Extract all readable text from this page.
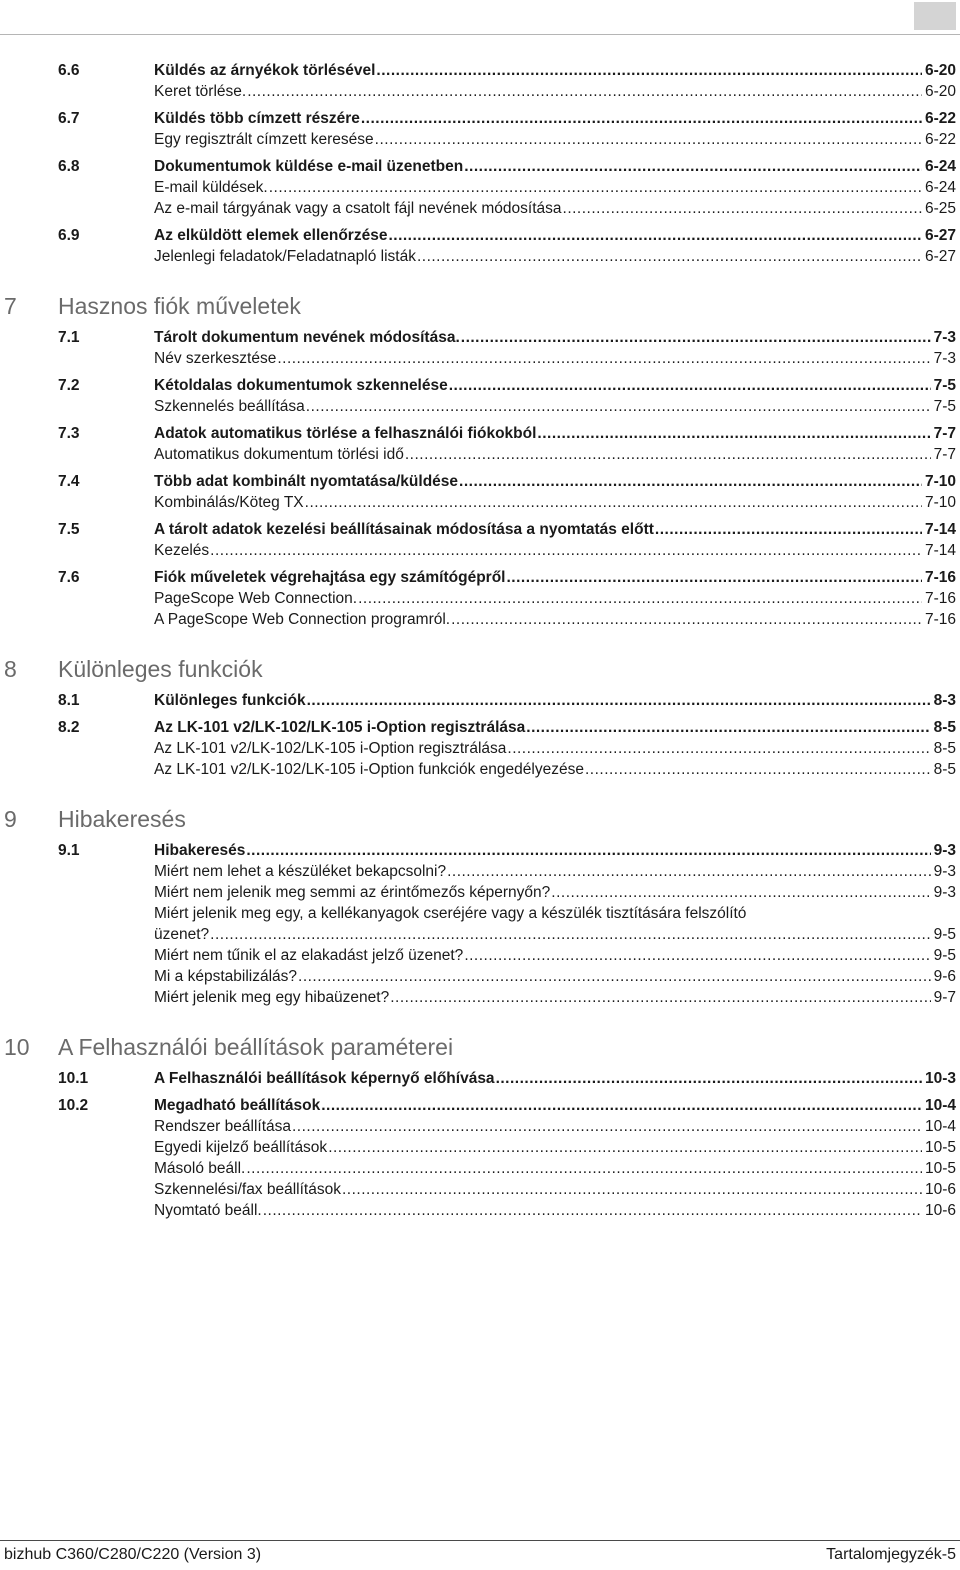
6.6	Küldés az árnyékok törlésével .....	6-20
Keret törlése. .....	6-20
6.7	Küldés több címzett részére .....	6-22
Egy regisztrált címzett keresése .....	6-22
6.8	Dokumentumok küldése e-mail üzenetben .....	6-24
E-mail küldések. .....	6-24
Az e-mail tárgyának vagy a csatolt fájl nevének módosítása .....	6-25
6.9	Az elküldött elemek ellenőrzése .....	6-27
Jelenlegi feladatok/Feladatnapló listák .....	6-27
7 Hasznos fiók műveletek
7.1	Tárolt dokumentum nevének módosítása. .....	7-3
Név szerkesztése .....	7-3
7.2	Kétoldalas dokumentumok szkennelése .....	7-5
Szkennelés beállítása .....	7-5
7.3	Adatok automatikus törlése a felhasználói fiókokból .....	7-7
Automatikus dokumentum törlési idő .....	7-7
7.4	Több adat kombinált nyomtatása/küldése .....	7-10
Kombinálás/Köteg TX .....	7-10
7.5	A tárolt adatok kezelési beállításainak módosítása a nyomtatás előtt .....	7-14
Kezelés .....	7-14
7.6	Fiók műveletek végrehajtása egy számítógépről .....	7-16
PageScope Web Connection. .....	7-16
A PageScope Web Connection programról. .....	7-16
8 Különleges funkciók
8.1	Különleges funkciók .....	8-3
8.2	Az LK-101 v2/LK-102/LK-105 i-Option regisztrálása .....	8-5
Az LK-101 v2/LK-102/LK-105 i-Option regisztrálása .....	8-5
Az LK-101 v2/LK-102/LK-105 i-Option funkciók engedélyezése .....	8-5
9 Hibakeresés
9.1	Hibakeresés .....	9-3
Miért nem lehet a készüléket bekapcsolni? .....	9-3
Miért nem jelenik meg semmi az érintőmezős képernyőn? .....	9-3
Miért jelenik meg egy, a kellékanyagok cseréjére vagy a készülék tisztítására felszólító
üzenet? .....	9-5
Miért nem tűnik el az elakadást jelző üzenet? .....	9-5
Mi a képstabilizálás? .....	9-6
Miért jelenik meg egy hibaüzenet? .....	9-7
10 A Felhasználói beállítások paraméterei
10.1	A Felhasználói beállítások képernyő előhívása .....	10-3
10.2	Megadható beállítások .....	10-4
Rendszer beállítása .....	10-4
Egyedi kijelző beállítások .....	10-5
Másoló beáll. .....	10-5
Szkennelési/fax beállítások .....	10-6
Nyomtató beáll. .....	10-6
bizhub C360/C280/C220 (Version 3)	Tartalomjegyzék-5
